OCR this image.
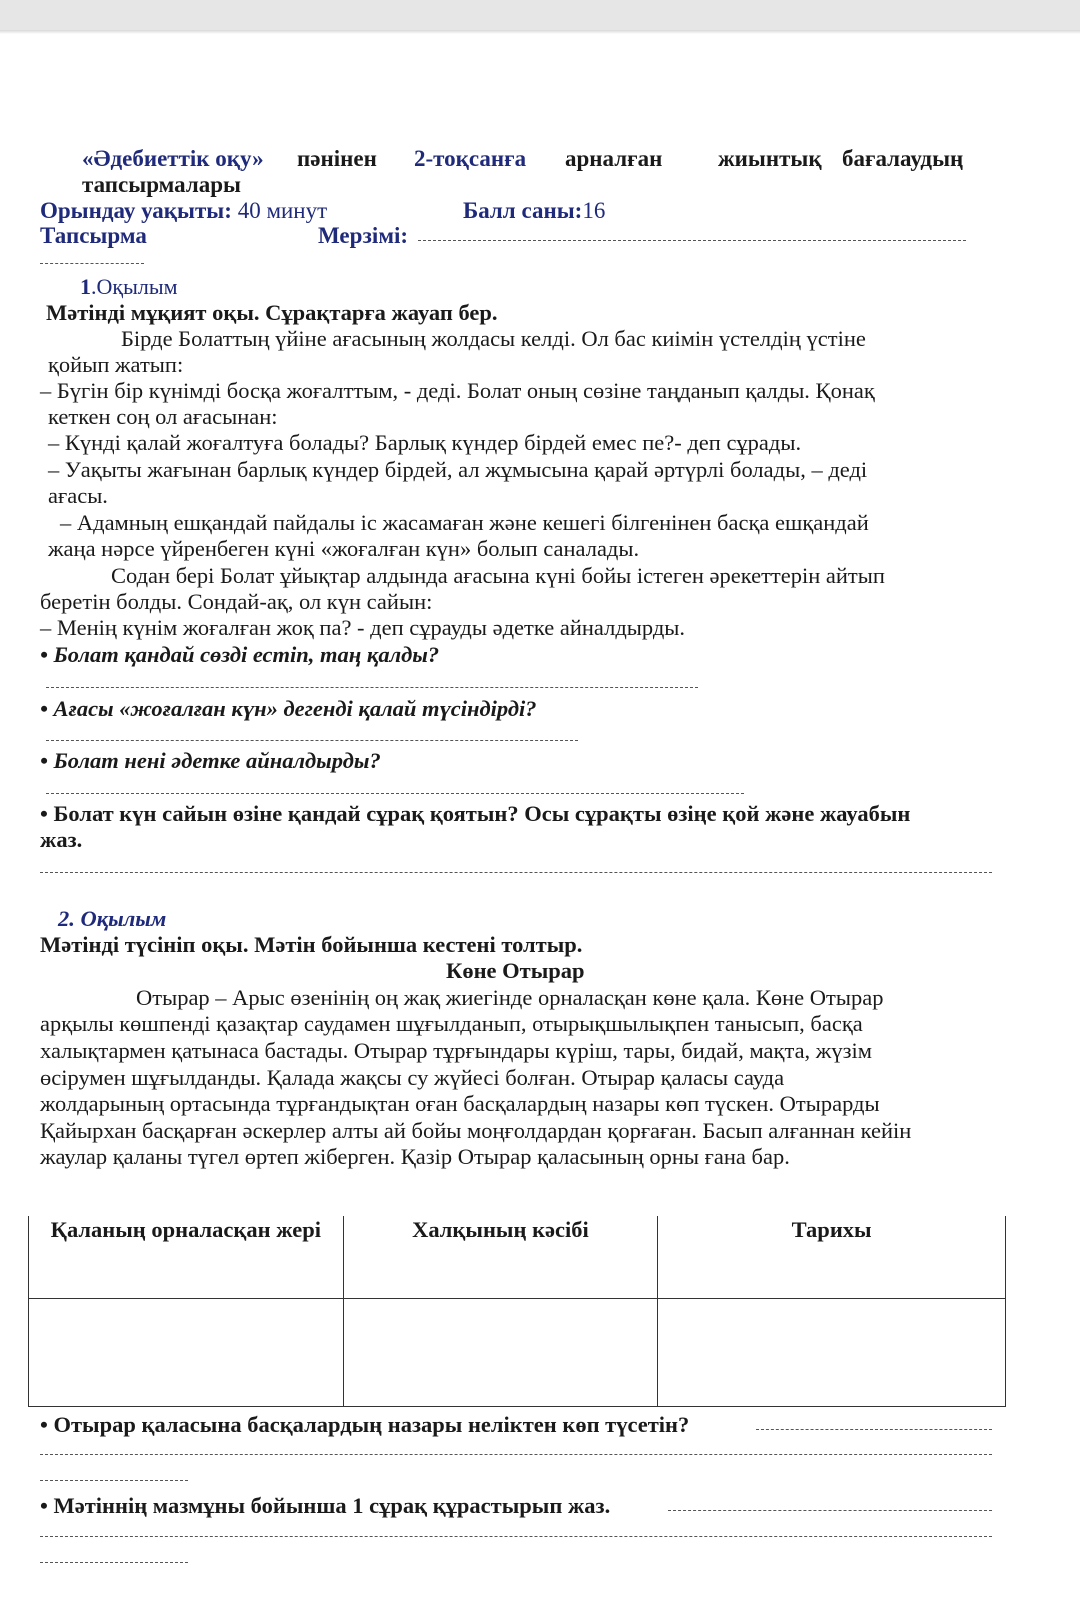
«Әдебиеттік оқу» пәнінен 2-тоқсанға арналған жиынтық бағалаудың
тапсырмалары
Орындау уақыты: 40 минут	Балл саны:16
Тапсырма	Мерзімі:
1.Оқылым
Мәтінді мұқият оқы. Сұрақтарға жауап бер.
Бірде Болаттың үйіне ағасының жолдасы келді. Ол бас киімін үстелдің үстіне
қойып жатып:
– Бүгін бір күнімді босқа жоғалттым, - деді. Болат оның сөзіне таңданып қалды. Қонақ
кеткен соң ол ағасынан:
– Күнді қалай жоғалтуға болады? Барлық күндер бірдей емес пе?- деп сұрады.
– Уақыты жағынан барлық күндер бірдей, ал жұмысына қарай әртүрлі болады, – деді
ағасы.
– Адамның ешқандай пайдалы іс жасамаған және кешегі білгенінен басқа ешқандай
жаңа нәрсе үйренбеген күні «жоғалған күн» болып саналады.
Содан бері Болат ұйықтар алдында ағасына күні бойы істеген әрекеттерін айтып
беретін болды. Сондай-ақ, ол күн сайын:
– Менің күнім жоғалған жоқ па? - деп сұрауды әдетке айналдырды.
• Болат қандай сөзді естіп, таң қалды?
• Ағасы «жоғалған күн» дегенді қалай түсіндірді?
• Болат нені әдетке айналдырды?
• Болат күн сайын өзіне қандай сұрақ қоятын? Осы сұрақты өзіңе қой және жауабын
жаз.
2. Оқылым
Мәтінді түсініп оқы. Мәтін бойынша кестені толтыр.
Көне Отырар
Отырар – Арыс өзенінің оң жақ жиегінде орналасқан көне қала. Көне Отырар
арқылы көшпенді қазақтар саудамен шұғылданып, отырықшылықпен танысып, басқа
халықтармен қатынаса бастады. Отырар тұрғындары күріш, тары, бидай, мақта, жүзім
өсірумен шұғылданды. Қалада жақсы су жүйесі болған. Отырар қаласы сауда
жолдарының ортасында тұрғандықтан оған басқалардың назары көп түскен. Отырарды
Қайырхан басқарған әскерлер алты ай бойы моңғолдардан қорғаған. Басып алғаннан кейін
жаулар қаланы түгел өртеп жіберген. Қазір Отырар қаласының орны ғана бар.
Қаланың орналасқан жері	Халқының кәсібі	Тарихы

• Отырар қаласына басқалардың назары неліктен көп түсетін?
• Мәтіннің мазмұны бойынша 1 сұрақ құрастырып жаз.
